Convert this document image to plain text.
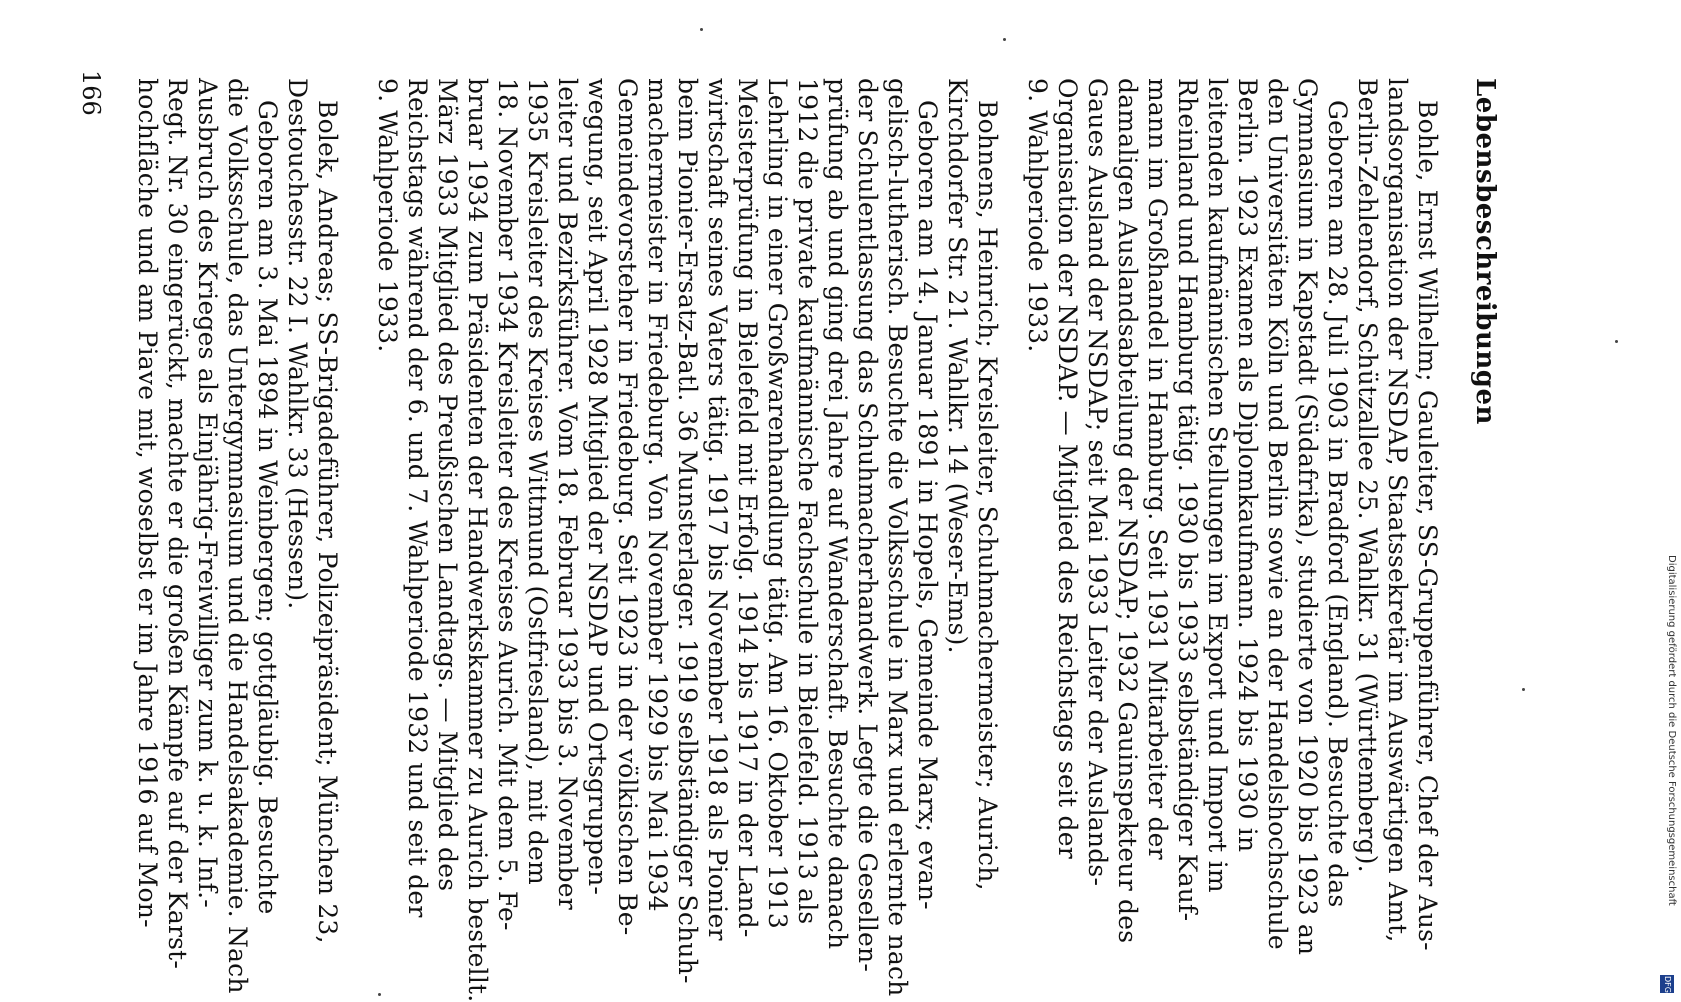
Lebensbeschreibungen
Bohle, Ernst Wilhelm; Gauleiter, SS-Gruppenführer, Chef der Aus-
landsorganisation der NSDAP, Staatssekretär im Auswärtigen Amt,
Berlin-Zehlendorf, Schützallee 25. Wahlkr. 31 (Württemberg).
Geboren am 28. Juli 1903 in Bradford (England). Besuchte das
Gymnasium in Kapstadt (Südafrika), studierte von 1920 bis 1923 an
den Universitäten Köln und Berlin sowie an der Handelshochschule
Berlin. 1923 Examen als Diplomkaufmann. 1924 bis 1930 in
leitenden kaufmännischen Stellungen im Export und Import im
Rheinland und Hamburg tätig. 1930 bis 1933 selbständiger Kauf-
mann im Großhandel in Hamburg. Seit 1931 Mitarbeiter der
damaligen Auslandsabteilung der NSDAP; 1932 Gauinspekteur des
Gaues Ausland der NSDAP; seit Mai 1933 Leiter der Auslands-
Organisation der NSDAP. — Mitglied des Reichstags seit der
9. Wahlperiode 1933.
Bohnens, Heinrich; Kreisleiter, Schuhmachermeister; Aurich,
Kirchdorfer Str. 21. Wahlkr. 14 (Weser-Ems).
Geboren am 14. Januar 1891 in Hopels, Gemeinde Marx; evan-
gelisch-lutherisch. Besuchte die Volksschule in Marx und erlernte nach
der Schulentlassung das Schuhmacherhandwerk. Legte die Gesellen-
prüfung ab und ging drei Jahre auf Wanderschaft. Besuchte danach
1912 die private kaufmännische Fachschule in Bielefeld. 1913 als
Lehrling in einer Großwarenhandlung tätig. Am 16. Oktober 1913
Meisterprüfung in Bielefeld mit Erfolg. 1914 bis 1917 in der Land-
wirtschaft seines Vaters tätig. 1917 bis November 1918 als Pionier
beim Pionier-Ersatz-Batl. 36 Munsterlager. 1919 selbständiger Schuh-
machermeister in Friedeburg. Von November 1929 bis Mai 1934
Gemeindevorsteher in Friedeburg. Seit 1923 in der völkischen Be-
wegung, seit April 1928 Mitglied der NSDAP und Ortsgruppen-
leiter und Bezirksführer. Vom 18. Februar 1933 bis 3. November
1935 Kreisleiter des Kreises Wittmund (Ostfriesland), mit dem
18. November 1934 Kreisleiter des Kreises Aurich. Mit dem 5. Fe-
bruar 1934 zum Präsidenten der Handwerkskammer zu Aurich bestellt.
März 1933 Mitglied des Preußischen Landtags. — Mitglied des
Reichstags während der 6. und 7. Wahlperiode 1932 und seit der
9. Wahlperiode 1933.
Bolek, Andreas; SS-Brigadeführer, Polizeipräsident; München 23,
Destouchesstr. 22 I. Wahlkr. 33 (Hessen).
Geboren am 3. Mai 1894 in Weinbergen; gottgläubig. Besuchte
die Volksschule, das Untergymnasium und die Handelsakademie. Nach
Ausbruch des Krieges als Einjährig-Freiwilliger zum k. u. k. Inf.-
Regt. Nr. 30 eingerückt, machte er die großen Kämpfe auf der Karst-
hochfläche und am Piave mit, woselbst er im Jahre 1916 auf Mon-
166
Digitalisierung gefördert durch die Deutsche Forschungsgemeinschaft
DFG
